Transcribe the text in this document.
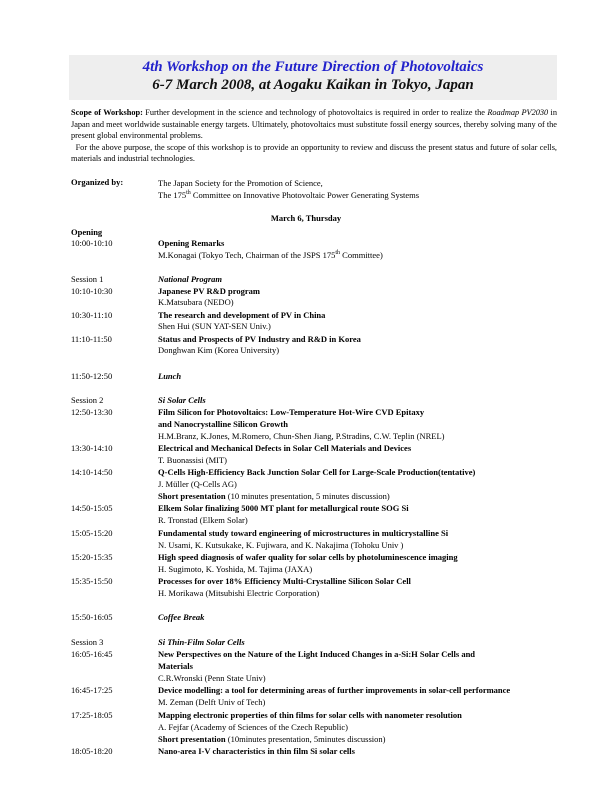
4th Workshop on the Future Direction of Photovoltaics
6-7 March 2008, at Aogaku Kaikan in Tokyo, Japan

Scope of Workshop: Further development in the science and technology of photovoltaics is required in order to realize the Roadmap PV2030 in Japan and meet worldwide sustainable energy targets. Ultimately, photovoltaics must substitute fossil energy sources, thereby solving many of the present global environmental problems.

For the above purpose, the scope of this workshop is to provide an opportunity to review and discuss the present status and future of solar cells, materials and industrial technologies.

Organized by:	The Japan Society for the Promotion of Science,
The 175th Committee on Innovative Photovoltaic Power Generating Systems
March 6, Thursday
Opening
10:00-10:10	Opening Remarks
M.Konagai (Tokyo Tech, Chairman of the JSPS 175th Committee)
Session 1	National Program
10:10-10:30	Japanese PV R&D program
K.Matsubara (NEDO)
10:30-11:10	The research and development of PV in China
Shen Hui (SUN YAT-SEN Univ.)
11:10-11:50	Status and Prospects of PV Industry and R&D in Korea
Donghwan Kim (Korea University)
11:50-12:50	Lunch
Session 2	Si Solar Cells
12:50-13:30	Film Silicon for Photovoltaics: Low-Temperature Hot-Wire CVD Epitaxy
and Nanocrystalline Silicon Growth
H.M.Branz, K.Jones, M.Romero, Chun-Shen Jiang, P.Stradins, C.W. Teplin (NREL)
13:30-14:10	Electrical and Mechanical Defects in Solar Cell Materials and Devices
T. Buonassisi (MIT)
14:10-14:50	Q-Cells High-Efficiency Back Junction Solar Cell for Large-Scale Production(tentative)
J. Müller (Q-Cells AG)
Short presentation (10 minutes presentation, 5 minutes discussion)
14:50-15:05	Elkem Solar finalizing 5000 MT plant for metallurgical route SOG Si
R. Tronstad (Elkem Solar)
15:05-15:20	Fundamental study toward engineering of microstructures in multicrystalline Si
N. Usami, K. Kutsukake, K. Fujiwara, and K. Nakajima (Tohoku Univ )
15:20-15:35	High speed diagnosis of wafer quality for solar cells by photoluminescence imaging
H. Sugimoto, K. Yoshida, M. Tajima (JAXA)
15:35-15:50	Processes for over 18% Efficiency Multi-Crystalline Silicon Solar Cell
H. Morikawa (Mitsubishi Electric Corporation)
15:50-16:05	Coffee Break
Session 3	Si Thin-Film Solar Cells
16:05-16:45	New Perspectives on the Nature of the Light Induced Changes in a-Si:H Solar Cells and
Materials
C.R.Wronski (Penn State Univ)
16:45-17:25	Device modelling: a tool for determining areas of further improvements in solar-cell performance
M. Zeman (Delft Univ of Tech)
17:25-18:05	Mapping electronic properties of thin films for solar cells with nanometer resolution
A. Fejfar (Academy of Sciences of the Czech Republic)
Short presentation (10minutes presentation, 5minutes discussion)
18:05-18:20	Nano-area I-V characteristics in thin film Si solar cells
